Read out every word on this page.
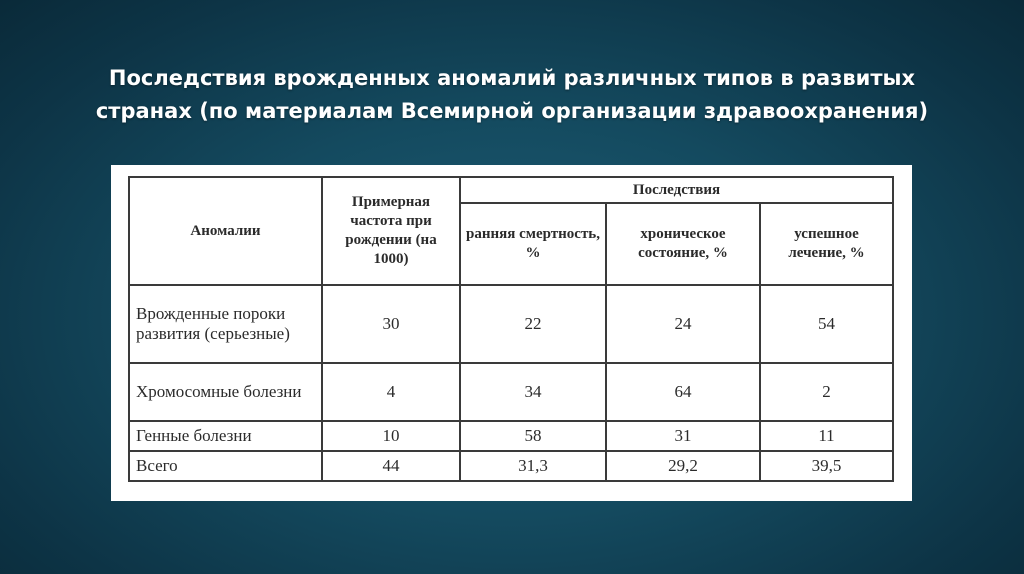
Последствия врожденных аномалий различных типов в развитых
странах (по материалам Всемирной организации здравоохранения)
Аномалии	Примерная частота при рождении (на 1000)	Последствия		
		ранняя смертность, %	хроническое состояние, %	успешное лечение, %
Врожденные пороки развития (серьезные)	30	22	24	54
Хромосомные болезни	4	34	64	2
Генные болезни	10	58	31	11
Всего	44	31,3	29,2	39,5
